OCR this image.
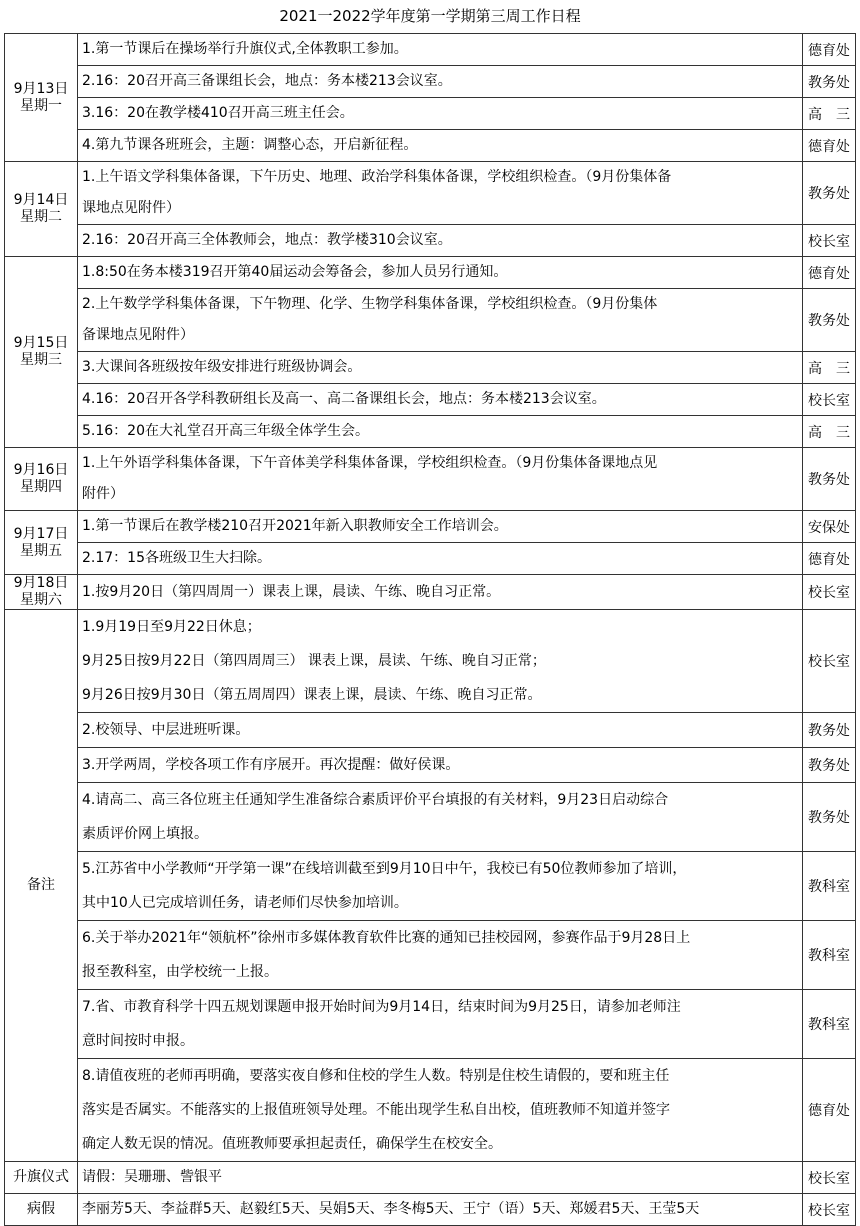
2021一2022学年度第一学期第三周工作日程
9月13日
星期一	1.第一节课后在操场举行升旗仪式,全体教职工参加。	德育处

	2.16：20召开高三备课组长会，地点：务本楼213会议室。	教务处

	3.16：20在教学楼410召开高三班主任会。	高　三

	4.第九节课各班班会，主题：调整心态，开启新征程。	德育处

9月14日
星期二	1.上午语文学科集体备课，下午历史、地理、政治学科集体备课，学校组织检查。（9月份集体备
课地点见附件）	教务处

	2.16：20召开高三全体教师会，地点：教学楼310会议室。	校长室

9月15日
星期三	1.8:50在务本楼319召开第40届运动会筹备会，参加人员另行通知。	德育处

	2.上午数学学科集体备课，下午物理、化学、生物学科集体备课，学校组织检查。（9月份集体
备课地点见附件）	教务处

	3.大课间各班级按年级安排进行班级协调会。	高　三

	4.16：20召开各学科教研组长及高一、高二备课组长会，地点：务本楼213会议室。	校长室

	5.16：20在大礼堂召开高三年级全体学生会。	高　三

9月16日
星期四	1.上午外语学科集体备课，下午音体美学科集体备课，学校组织检查。（9月份集体备课地点见
附件）	教务处

9月17日
星期五	1.第一节课后在教学楼210召开2021年新入职教师安全工作培训会。	安保处

	2.17：15各班级卫生大扫除。	德育处

9月18日
星期六	1.按9月20日（第四周周一）课表上课，晨读、午练、晚自习正常。	校长室
备注	1.9月19日至9月22日休息；
9月25日按9月22日（第四周周三） 课表上课，晨读、午练、晚自习正常；
9月26日按9月30日（第五周周四）课表上课，晨读、午练、晚自习正常。	校长室

	2.校领导、中层进班听课。	教务处

	3.开学两周，学校各项工作有序展开。再次提醒：做好侯课。	教务处

	4.请高二、高三各位班主任通知学生准备综合素质评价平台填报的有关材料，9月23日启动综合
素质评价网上填报。	教务处

	5.江苏省中小学教师“开学第一课”在线培训截至到9月10日中午，我校已有50位教师参加了培训，
其中10人已完成培训任务，请老师们尽快参加培训。	教科室

	6.关于举办2021年“领航杯”徐州市多媒体教育软件比赛的通知已挂校园网，参赛作品于9月28日上
报至教科室，由学校统一上报。	教科室

	7.省、市教育科学十四五规划课题申报开始时间为9月14日，结束时间为9月25日，请参加老师注
意时间按时申报。	教科室

	8.请值夜班的老师再明确，要落实夜自修和住校的学生人数。特别是住校生请假的，要和班主任
落实是否属实。不能落实的上报值班领导处理。不能出现学生私自出校，值班教师不知道并签字
确定人数无误的情况。值班教师要承担起责任，确保学生在校安全。	德育处
升旗仪式	请假：吴珊珊、訾银平	校长室
病假	李丽芳5天、李益群5天、赵毅红5天、吴娟5天、李冬梅5天、王宁（语）5天、郑媛君5天、王莹5天	校长室
